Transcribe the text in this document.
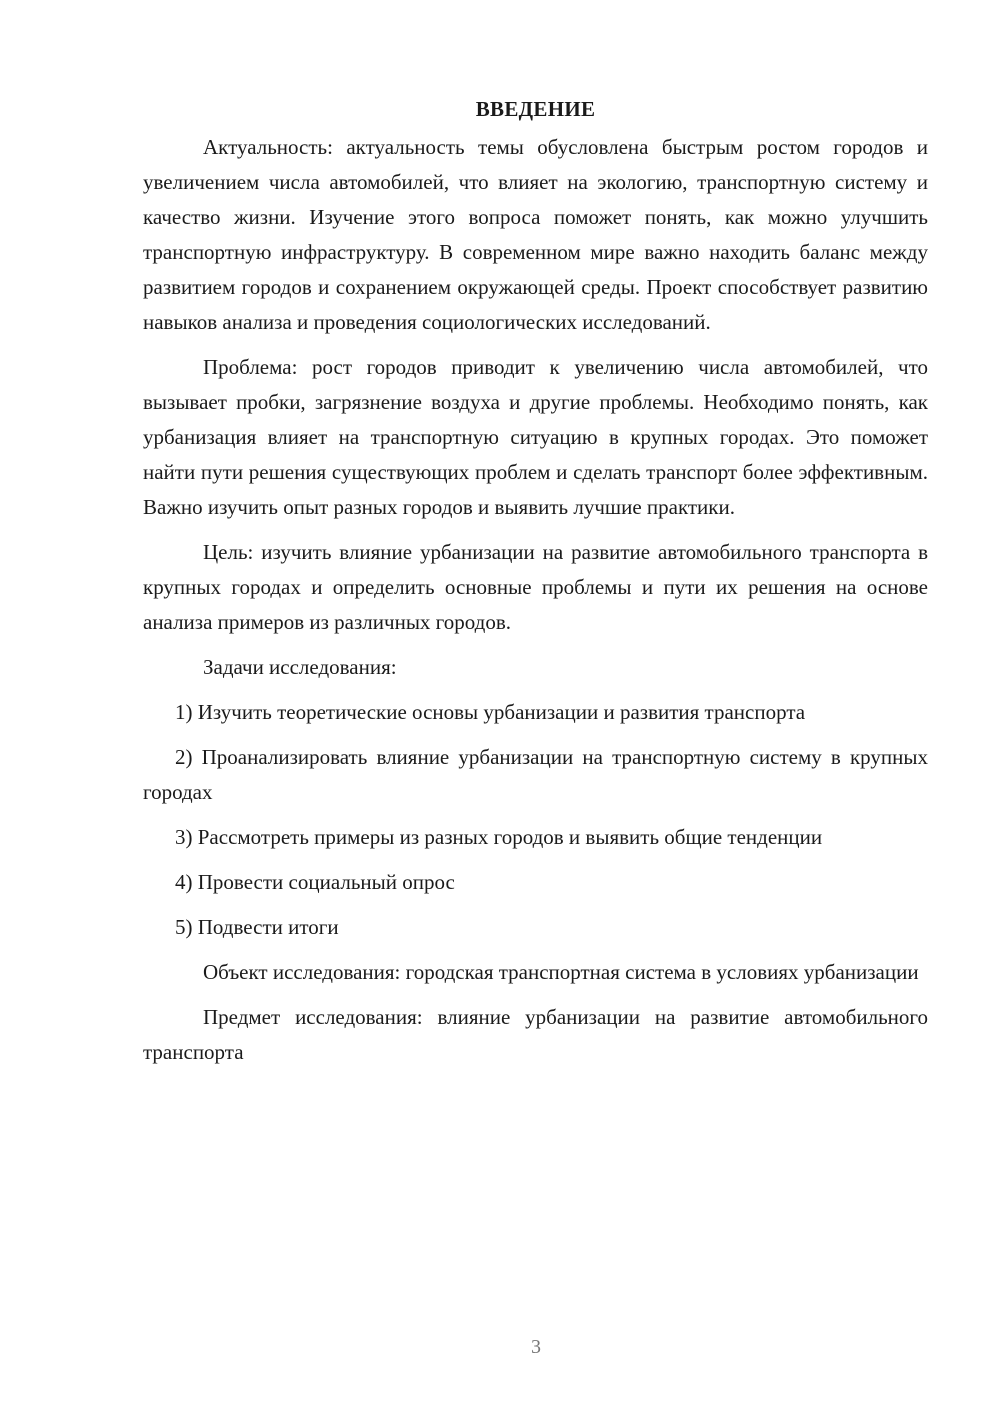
ВВЕДЕНИЕ

Актуальность: актуальность темы обусловлена быстрым ростом городов и увеличением числа автомобилей, что влияет на экологию, транспортную систему и качество жизни. Изучение этого вопроса поможет понять, как можно улучшить транспортную инфраструктуру. В современном мире важно находить баланс между развитием городов и сохранением окружающей среды. Проект способствует развитию навыков анализа и проведения социологических исследований.

Проблема: рост городов приводит к увеличению числа автомобилей, что вызывает пробки, загрязнение воздуха и другие проблемы. Необходимо понять, как урбанизация влияет на транспортную ситуацию в крупных городах. Это поможет найти пути решения существующих проблем и сделать транспорт более эффективным. Важно изучить опыт разных городов и выявить лучшие практики.

Цель: изучить влияние урбанизации на развитие автомобильного транспорта в крупных городах и определить основные проблемы и пути их решения на основе анализа примеров из различных городов.

Задачи исследования:

1) Изучить теоретические основы урбанизации и развития транспорта

2) Проанализировать влияние урбанизации на транспортную систему в крупных городах

3) Рассмотреть примеры из разных городов и выявить общие тенденции

4) Провести социальный опрос

5) Подвести итоги

Объект исследования: городская транспортная система в условиях урбанизации

Предмет исследования: влияние урбанизации на развитие автомобильного транспорта

3
